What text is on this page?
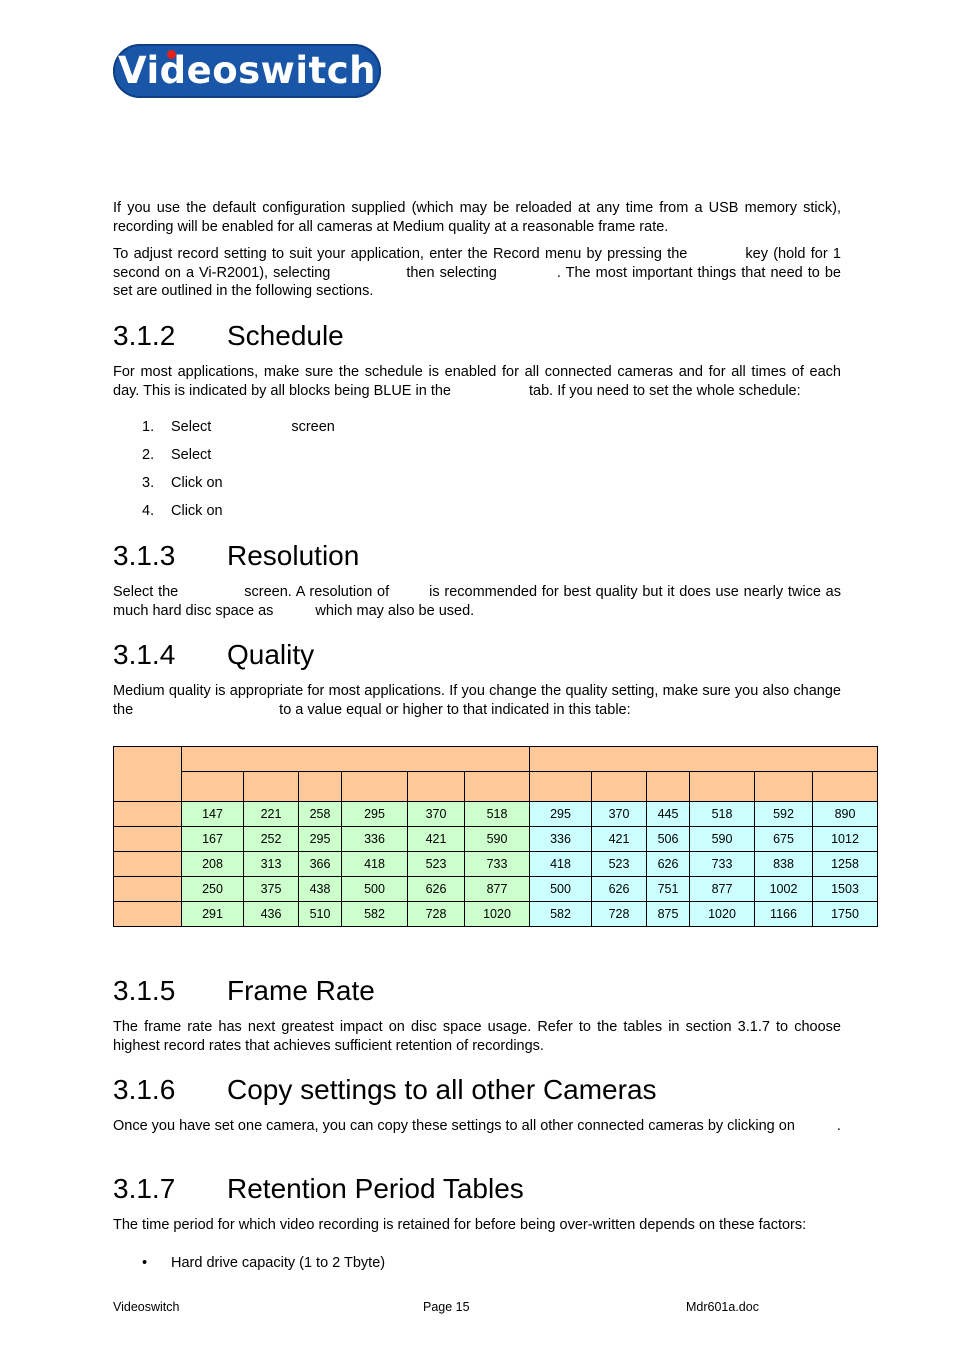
Videoswitch
If you use the default configuration supplied (which may be reloaded at any time from a USB memory stick), recording will be enabled for all cameras at Medium quality at a reasonable frame rate.
To adjust record setting to suit your application, enter the Record menu by pressing the	key (hold for 1 second on a Vi-R2001), selecting	then selecting	. The most important things that need to be set are outlined in the following sections.
3.1.2 Schedule
For most applications, make sure the schedule is enabled for all connected cameras and for all times of each day. This is indicated by all blocks being BLUE in the	tab. If you need to set the whole schedule:
1. Select	screen
2. Select
3. Click on
4. Click on
3.1.3 Resolution
Select the	screen. A resolution of	is recommended for best quality but it does use nearly twice as much hard disc space as	which may also be used.
3.1.4 Quality
Medium quality is appropriate for most applications. If you change the quality setting, make sure you also change the	to a value equal or higher to that indicated in this table:

	147	221	258	295	370	518	295	370	445	518	592	890
	167	252	295	336	421	590	336	421	506	590	675	1012
	208	313	366	418	523	733	418	523	626	733	838	1258
	250	375	438	500	626	877	500	626	751	877	1002	1503
	291	436	510	582	728	1020	582	728	875	1020	1166	1750
3.1.5 Frame Rate
The frame rate has next greatest impact on disc space usage. Refer to the tables in section 3.1.7 to choose highest record rates that achieves sufficient retention of recordings.
3.1.6 Copy settings to all other Cameras
Once you have set one camera, you can copy these settings to all other connected cameras by clicking on	.
3.1.7 Retention Period Tables
The time period for which video recording is retained for before being over-written depends on these factors:
• Hard drive capacity (1 to 2 Tbyte)
Videoswitch	Page 15	Mdr601a.doc
